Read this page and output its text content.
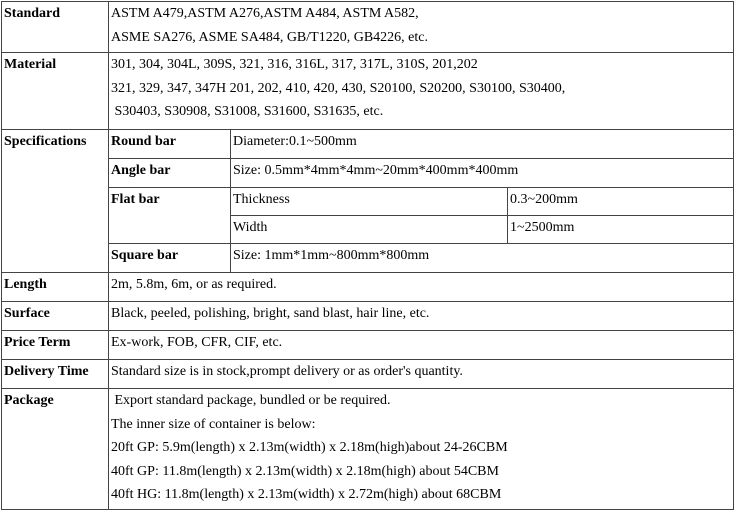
Standard	ASTM A479,ASTM A276,ASTM A484, ASTM A582,
ASME SA276, ASME SA484, GB/T1220, GB4226, etc.		

Material	301, 304, 304L, 309S, 321, 316, 316L, 317, 317L, 310S, 201,202
321, 329, 347, 347H 201, 202, 410, 420, 430, S20100, S20200, S30100, S30400,
S30403, S30908, S31008, S31600, S31635, etc.		

Specifications	Round bar	Diameter:0.1~500mm	
	Angle bar	Size: 0.5mm*4mm*4mm~20mm*400mm*400mm	
	Flat bar	Thickness	0.3~200mm
		Width	1~2500mm
	Square bar	Size: 1mm*1mm~800mm*800mm	
Length	2m, 5.8m, 6m, or as required.		
Surface	Black, peeled, polishing, bright, sand blast, hair line, etc.		
Price Term	Ex-work, FOB, CFR, CIF, etc.		
Delivery Time	Standard size is in stock,prompt delivery or as order's quantity.		
Package	Export standard package, bundled or be required.
The inner size of container is below:
20ft GP: 5.9m(length) x 2.13m(width) x 2.18m(high)about 24-26CBM
40ft GP: 11.8m(length) x 2.13m(width) x 2.18m(high) about 54CBM
40ft HG: 11.8m(length) x 2.13m(width) x 2.72m(high) about 68CBM		
